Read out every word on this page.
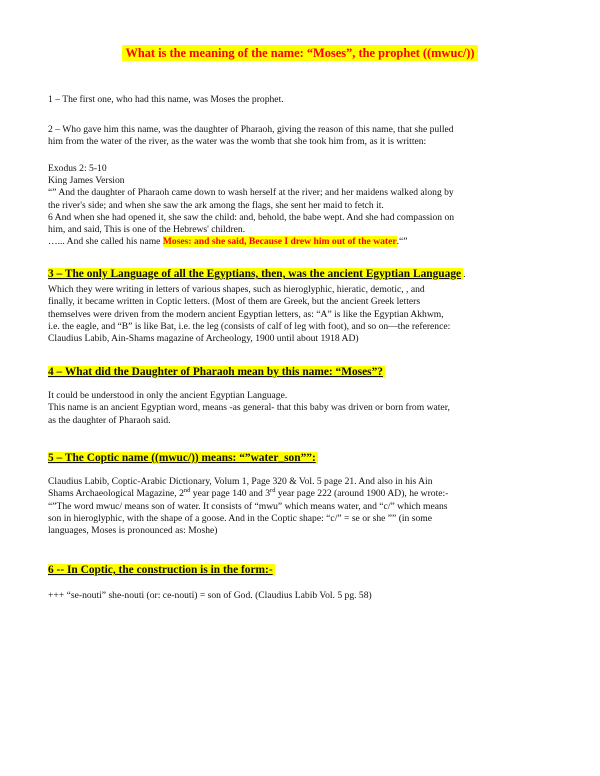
What is the meaning of the name: “Moses”, the prophet ((mwuc/))

1 – The first one, who had this name, was Moses the prophet.

2 – Who gave him this name, was the daughter of Pharaoh, giving the reason of this name, that she pulled

him from the water of the river, as the water was the womb that she took him from, as it is written:

Exodus 2: 5-10

King James Version

“” And the daughter of Pharaoh came down to wash herself at the river; and her maidens walked along by

the river's side; and when she saw the ark among the flags, she sent her maid to fetch it.

6 And when she had opened it, she saw the child: and, behold, the babe wept. And she had compassion on

him, and said, This is one of the Hebrews' children.

…... And she called his name Moses: and she said, Because I drew him out of the water.“”

3 – The only Language of all the Egyptians, then, was the ancient Egyptian Language .

Which they were writing in letters of various shapes, such as hieroglyphic, hieratic, demotic, , and

finally, it became written in Coptic letters. (Most of them are Greek, but the ancient Greek letters

themselves were driven from the modern ancient Egyptian letters, as: “A” is like the Egyptian Akhwm,

i.e. the eagle, and “B” is like Bat, i.e. the leg (consists of calf of leg with foot), and so on—the reference:

Claudius Labib, Ain-Shams magazine of Archeology, 1900 until about 1918 AD)

4 – What did the Daughter of Pharaoh mean by this name: “Moses”?

It could be understood in only the ancient Egyptian Language.

This name is an ancient Egyptian word, means -as general- that this baby was driven or born from water,

as the daughter of Pharaoh said.

5 – The Coptic name ((mwuc/)) means: “”water_son””:

Claudius Labib, Coptic-Arabic Dictionary, Volum 1, Page 320 & Vol. 5 page 21. And also in his Ain

Shams Archaeological Magazine, 2nd year page 140 and 3rd year page 222 (around 1900 AD), he wrote:-

“”The word mwuc/ means son of water. It consists of “mwu” which means water, and “c/” which means

son in hieroglyphic, with the shape of a goose. And in the Coptic shape: “c/” = se or she ”” (in some

languages, Moses is pronounced as: Moshe)

6 -- In Coptic, the construction is in the form:-

+++ “se-nouti” she-nouti (or: ce-nouti) = son of God. (Claudius Labib Vol. 5 pg. 58)
